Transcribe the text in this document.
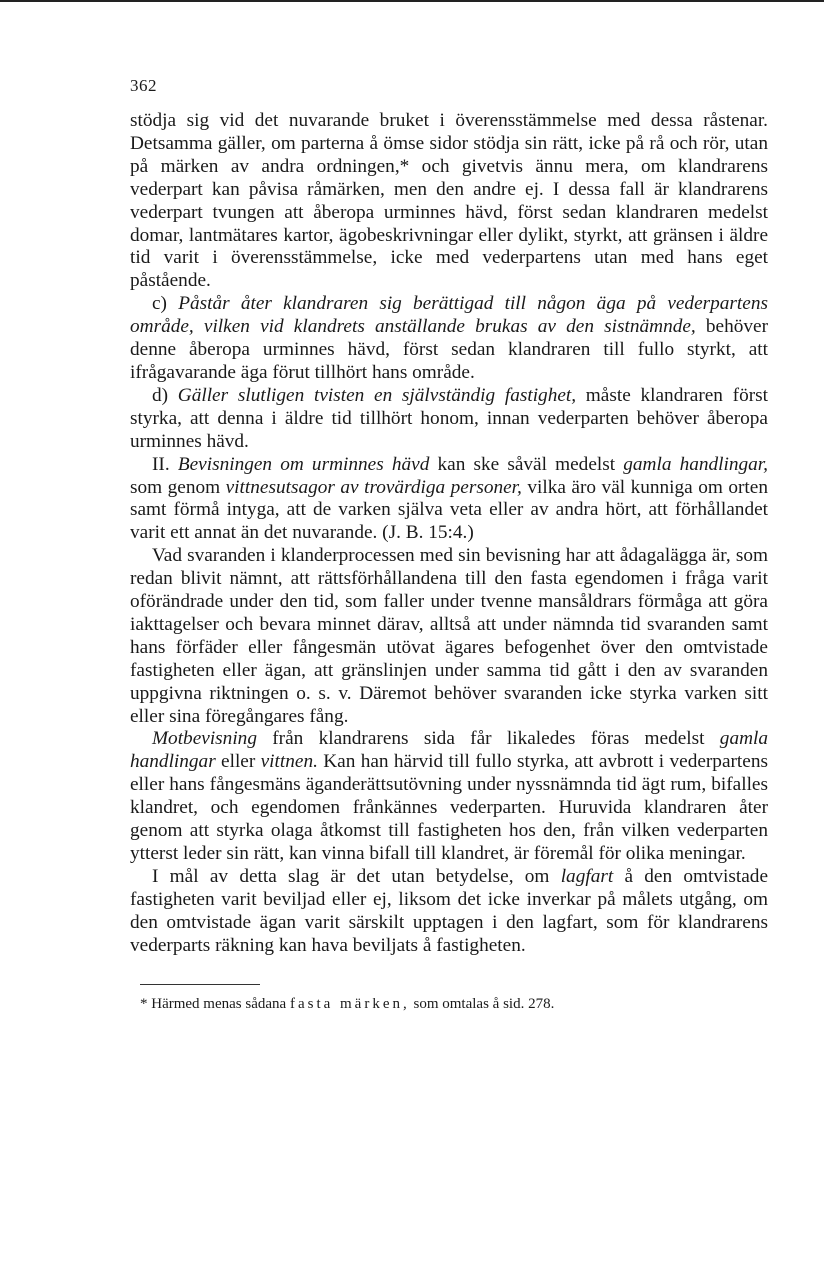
362

stödja sig vid det nuvarande bruket i överensstämmelse med dessa råstenar. Detsamma gäller, om parterna å ömse sidor stödja sin rätt, icke på rå och rör, utan på märken av andra ordningen,* och givetvis ännu mera, om klandrarens vederpart kan påvisa råmärken, men den andre ej. I dessa fall är klandrarens vederpart tvungen att åberopa urminnes hävd, först sedan klandraren medelst domar, lantmätares kartor, ägobeskrivningar eller dylikt, styrkt, att gränsen i äldre tid varit i överensstämmelse, icke med vederpartens utan med hans eget påstående.

c) Påstår åter klandraren sig berättigad till någon äga på vederpartens område, vilken vid klandrets anställande brukas av den sistnämnde, behöver denne åberopa urminnes hävd, först sedan klandraren till fullo styrkt, att ifrågavarande äga förut tillhört hans område.

d) Gäller slutligen tvisten en självständig fastighet, måste klandraren först styrka, att denna i äldre tid tillhört honom, innan vederparten behöver åberopa urminnes hävd.

II. Bevisningen om urminnes hävd kan ske såväl medelst gamla handlingar, som genom vittnesutsagor av trovärdiga personer, vilka äro väl kunniga om orten samt förmå intyga, att de varken själva veta eller av andra hört, att förhållandet varit ett annat än det nuvarande. (J. B. 15:4.)

Vad svaranden i klanderprocessen med sin bevisning har att ådagalägga är, som redan blivit nämnt, att rättsförhållandena till den fasta egendomen i fråga varit oförändrade under den tid, som faller under tvenne mansåldrars förmåga att göra iakttagelser och bevara minnet därav, alltså att under nämnda tid svaranden samt hans förfäder eller fångesmän utövat ägares befogenhet över den omtvistade fastigheten eller ägan, att gränslinjen under samma tid gått i den av svaranden uppgivna riktningen o. s. v. Däremot behöver svaranden icke styrka varken sitt eller sina föregångares fång.

Motbevisning från klandrarens sida får likaledes föras medelst gamla handlingar eller vittnen. Kan han härvid till fullo styrka, att avbrott i vederpartens eller hans fångesmäns äganderättsutövning under nyssnämnda tid ägt rum, bifalles klandret, och egendomen frånkännes vederparten. Huruvida klandraren åter genom att styrka olaga åtkomst till fastigheten hos den, från vilken vederparten ytterst leder sin rätt, kan vinna bifall till klandret, är föremål för olika meningar.

I mål av detta slag är det utan betydelse, om lagfart å den omtvistade fastigheten varit beviljad eller ej, liksom det icke inverkar på målets utgång, om den omtvistade ägan varit särskilt upptagen i den lagfart, som för klandrarens vederparts räkning kan hava beviljats å fastigheten.

* Härmed menas sådana fasta märken, som omtalas å sid. 278.
